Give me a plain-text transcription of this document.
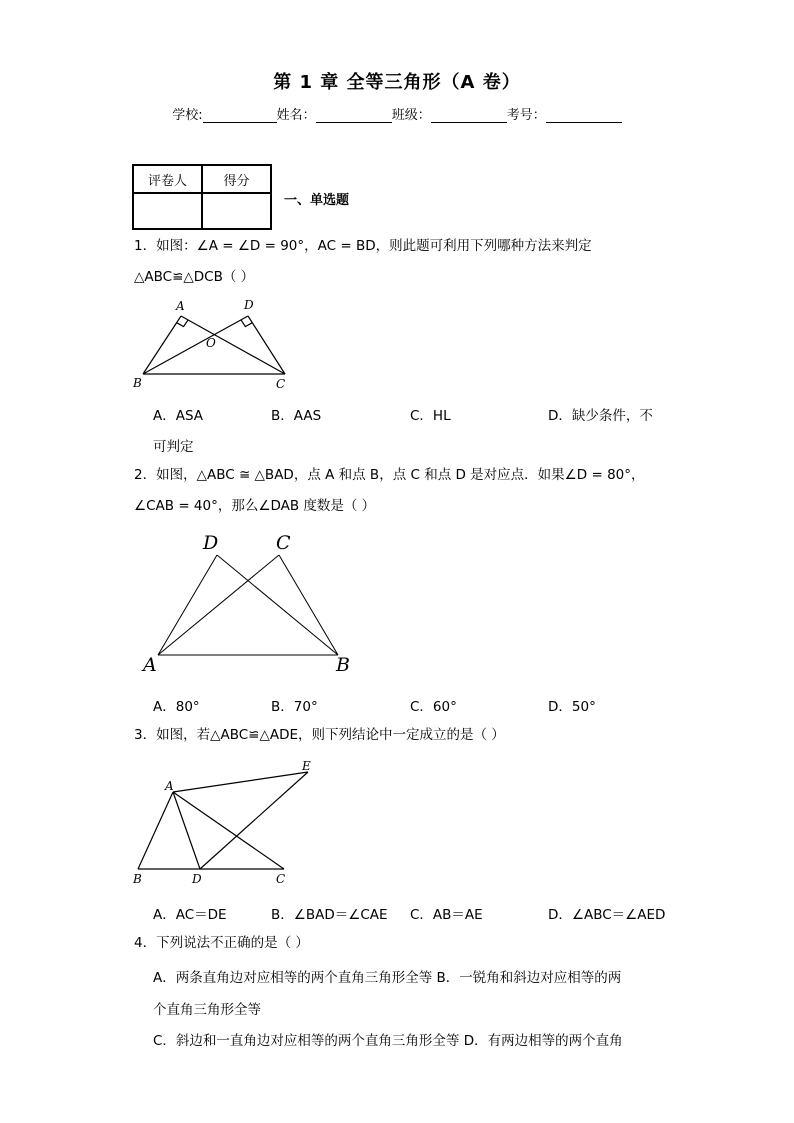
第 1 章 全等三角形（A 卷）
学校:	姓名：	班级：	考号：
评卷人	得分

一、单选题
1．如图：∠A = ∠D = 90°，AC = BD，则此题可利用下列哪种方法来判定
△ABC≌△DCB（ ）
A	D
O
B	C
A．ASA	B．AAS	C．HL	D．缺少条件，不
可判定
2．如图，△ABC ≅ △BAD，点 A 和点 B，点 C 和点 D 是对应点．如果∠D = 80°，
∠CAB = 40°，那么∠DAB 度数是（ ）
D	C
A	B
A．80°	B．70°	C．60°	D．50°
3．如图，若△ABC≌△ADE，则下列结论中一定成立的是（ ）
E
A
B	D	C
A．AC＝DE	B．∠BAD＝∠CAE C．AB＝AE	D．∠ABC＝∠AED
4．下列说法不正确的是（ ）
A．两条直角边对应相等的两个直角三角形全等 B．一锐角和斜边对应相等的两
个直角三角形全等
C．斜边和一直角边对应相等的两个直角三角形全等 D．有两边相等的两个直角
